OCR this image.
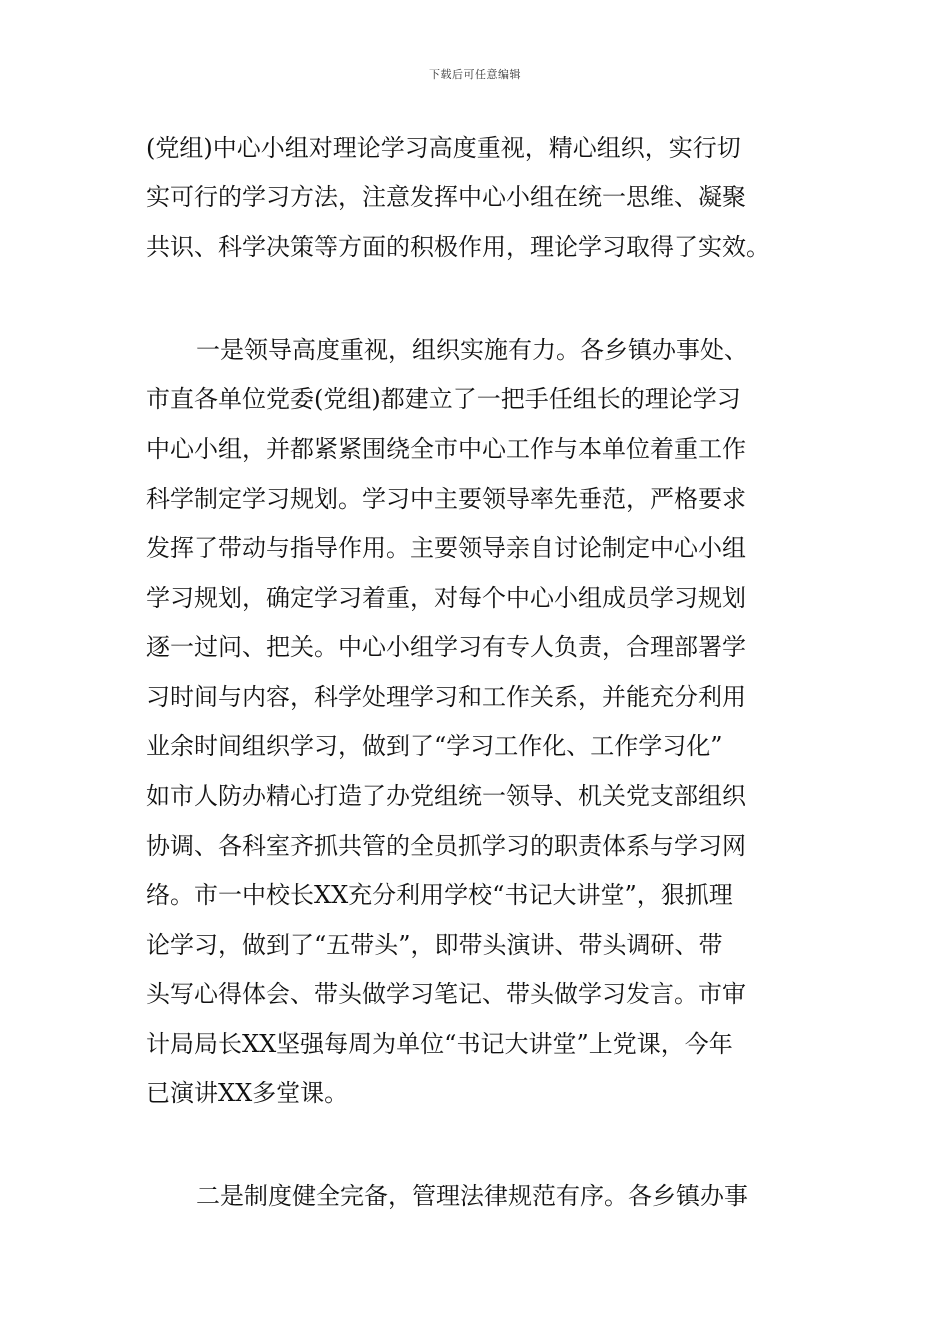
下载后可任意编辑
(党组)中心小组对理论学习高度重视，精心组织，实行切
实可行的学习方法，注意发挥中心小组在统一思维、凝聚
共识、科学决策等方面的积极作用，理论学习取得了实效。
一是领导高度重视，组织实施有力。各乡镇办事处、
市直各单位党委(党组)都建立了一把手任组长的理论学习
中心小组，并都紧紧围绕全市中心工作与本单位着重工作
科学制定学习规划。学习中主要领导率先垂范，严格要求
发挥了带动与指导作用。主要领导亲自讨论制定中心小组
学习规划，确定学习着重，对每个中心小组成员学习规划
逐一过问、把关。中心小组学习有专人负责，合理部署学
习时间与内容，科学处理学习和工作关系，并能充分利用
业余时间组织学习，做到了“学习工作化、工作学习化”
如市人防办精心打造了办党组统一领导、机关党支部组织
协调、各科室齐抓共管的全员抓学习的职责体系与学习网
络。市一中校长XX充分利用学校“书记大讲堂”，狠抓理
论学习，做到了“五带头”，即带头演讲、带头调研、带
头写心得体会、带头做学习笔记、带头做学习发言。市审
计局局长XX坚强每周为单位“书记大讲堂”上党课，今年
已演讲XX多堂课。
二是制度健全完备，管理法律规范有序。各乡镇办事
